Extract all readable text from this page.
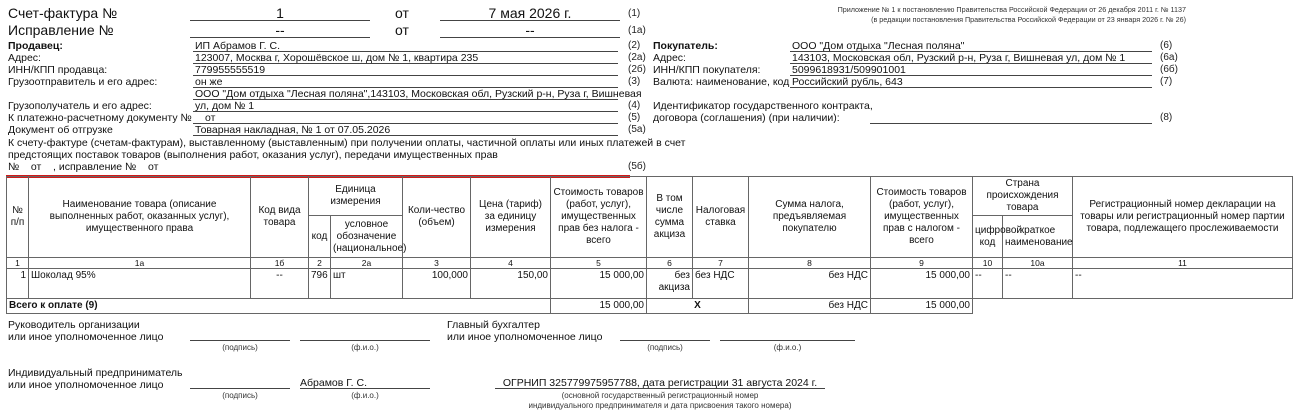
Счет-фактура №	1	от	7 мая 2026 г.	(1)
Исправление №	--	от	--	(1а)
Приложение № 1 к постановлению Правительства Российской Федерации от 26 декабря 2011 г. № 1137
(в редакции постановления Правительства Российской Федерации от 23 января 2026 г. № 26)
Продавец:	ИП Абрамов Г. С.	(2)
Адрес:	123007, Москва г, Хорошёвское ш, дом № 1, квартира 235	(2а)
ИНН/КПП продавца:	779955555519	(2б)
Грузоотправитель и его адрес:	он же	(3)
ООО "Дом отдыха "Лесная поляна",143103, Московская обл, Рузский р-н, Руза г, Вишневая
Грузополучатель и его адрес:	ул, дом № 1	(4)
К платежно-расчетному документу № от	(5)
Документ об отгрузке	Товарная накладная, № 1 от 07.05.2026	(5а)
К счету-фактуре (счетам-фактурам), выставленному (выставленным) при получении оплаты, частичной оплаты или иных платежей в счет
предстоящих поставок товаров (выполнения работ, оказания услуг), передачи имущественных прав
№    от    , исправление №    от	(5б)
Покупатель:	ООО "Дом отдыха "Лесная поляна"	(6)
Адрес:	143103, Московская обл, Рузский р-н, Руза г, Вишневая ул, дом № 1	(6а)
ИНН/КПП покупателя:	5099618931/509901001	(6б)
Валюта: наименование, код Российский рубль, 643	(7)
Идентификатор государственного контракта,
договора (соглашения) (при наличии):	(8)
№ п/п	Наименование товара (описание выполненных работ, оказанных услуг), имущественного права	Код вида товара	Единица измерения		Коли-чество (объем)	Цена (тариф) за единицу измерения	Стоимость товаров (работ, услуг), имущественных прав без налога - всего	В том числе сумма акциза	Налоговая ставка	Сумма налога, предъявляемая покупателю	Стоимость товаров (работ, услуг), имущественных прав с налогом - всего	Страна происхождения товара		Регистрационный номер декларации на товары или регистрационный номер партии товара, подлежащего прослеживаемости
			код	условное обозначение (национальное)								цифровой код	краткое наименование	
1	1а	1б	2	2а	3	4	5	6	7	8	9	10	10а	11
1	Шоколад 95%	--	796	шт	100,000	150,00	15 000,00	без акциза	без НДС	без НДС	15 000,00	--	--	--
Всего к оплате (9)							15 000,00	Х		без НДС	15 000,00			
Руководитель организации
или иное уполномоченное лицо
(подпись)	(ф.и.о.)
Главный бухгалтер
или иное уполномоченное лицо
(подпись)	(ф.и.о.)
Индивидуальный предприниматель
или иное уполномоченное лицо
(подпись)
Абрамов Г. С.
(ф.и.о.)
ОГРНИП 325779975957788, дата регистрации 31 августа 2024 г.
(основной государственный регистрационный номер
индивидуального предпринимателя и дата присвоения такого номера)
